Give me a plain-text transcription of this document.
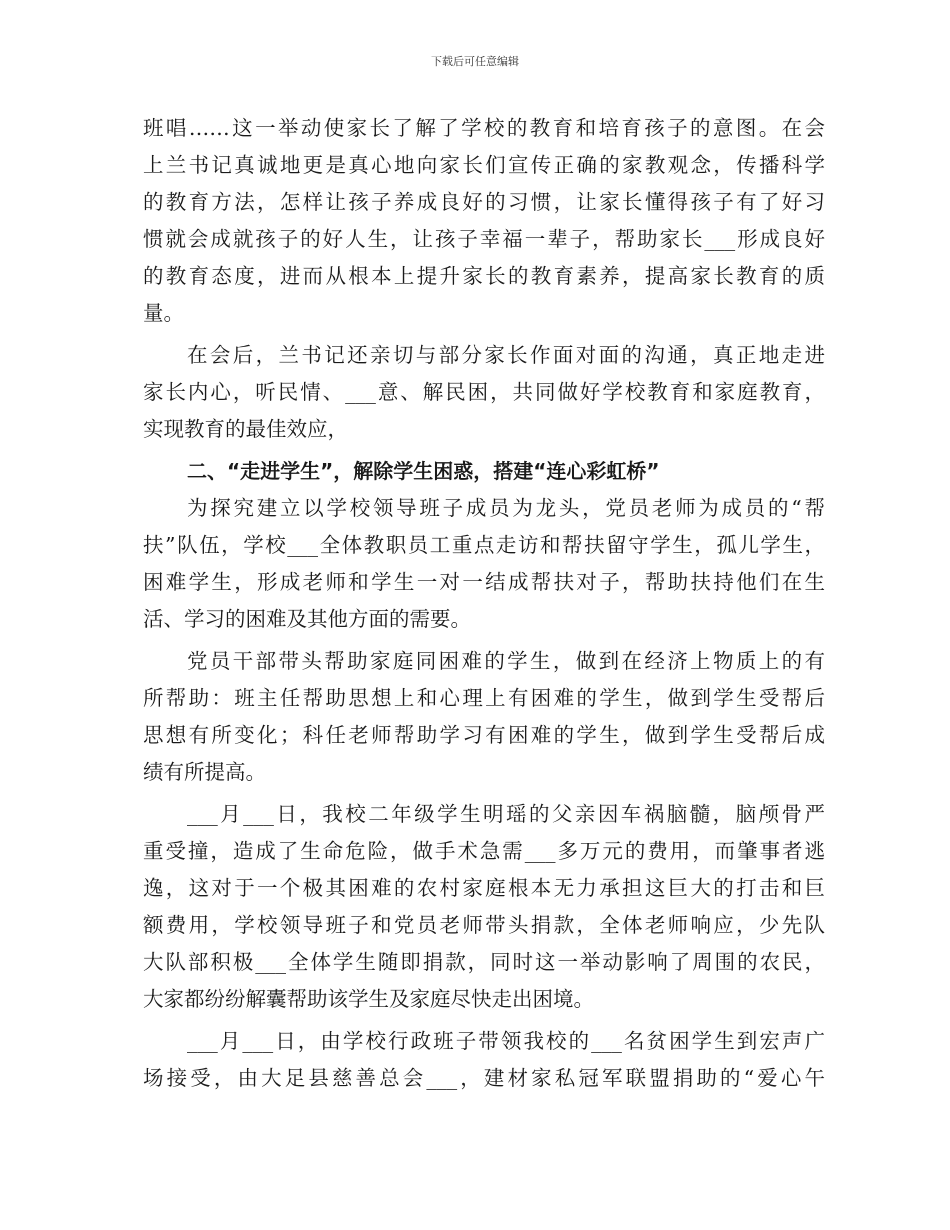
下载后可任意编辑
班唱……这一举动使家长了解了学校的教育和培育孩子的意图。在会
上兰书记真诚地更是真心地向家长们宣传正确的家教观念，传播科学
的教育方法，怎样让孩子养成良好的习惯，让家长懂得孩子有了好习
惯就会成就孩子的好人生，让孩子幸福一辈子，帮助家长___形成良好
的教育态度，进而从根本上提升家长的教育素养，提高家长教育的质
量。
在会后，兰书记还亲切与部分家长作面对面的沟通，真正地走进
家长内心，听民情、___意、解民困，共同做好学校教育和家庭教育，
实现教育的最佳效应，
二、“走进学生”，解除学生困惑，搭建“连心彩虹桥”
为探究建立以学校领导班子成员为龙头，党员老师为成员的“帮
扶”队伍，学校___全体教职员工重点走访和帮扶留守学生，孤儿学生，
困难学生，形成老师和学生一对一结成帮扶对子，帮助扶持他们在生
活、学习的困难及其他方面的需要。
党员干部带头帮助家庭同困难的学生，做到在经济上物质上的有
所帮助：班主任帮助思想上和心理上有困难的学生，做到学生受帮后
思想有所变化；科任老师帮助学习有困难的学生，做到学生受帮后成
绩有所提高。
___月___日，我校二年级学生明瑶的父亲因车祸脑髓，脑颅骨严
重受撞，造成了生命危险，做手术急需___多万元的费用，而肇事者逃
逸，这对于一个极其困难的农村家庭根本无力承担这巨大的打击和巨
额费用，学校领导班子和党员老师带头捐款，全体老师响应，少先队
大队部积极___全体学生随即捐款，同时这一举动影响了周围的农民，
大家都纷纷解囊帮助该学生及家庭尽快走出困境。
___月___日，由学校行政班子带领我校的___名贫困学生到宏声广
场接受，由大足县慈善总会___，建材家私冠军联盟捐助的“爱心午
